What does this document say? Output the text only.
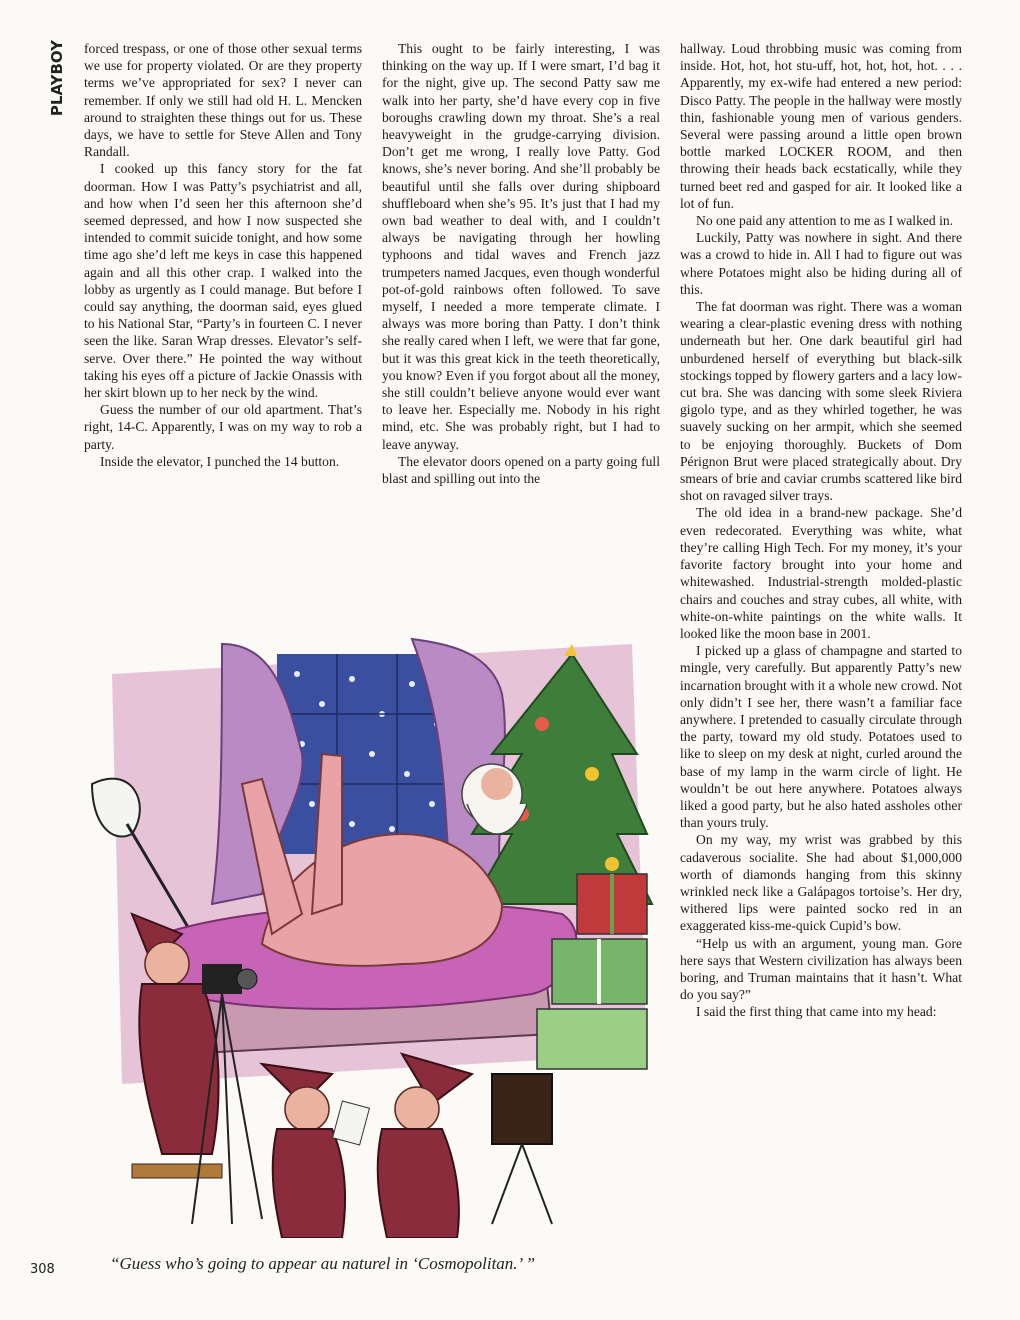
PLAYBOY forced trespass, or one of those other sexual terms we use for property violated. Or are they property terms we’ve appropriated for sex? I never can remember. If only we still had old H. L. Mencken around to straighten these things out for us. These days, we have to settle for Steve Allen and Tony Randall.

I cooked up this fancy story for the fat doorman. How I was Patty’s psychiatrist and all, and how when I’d seen her this afternoon she’d seemed depressed, and how I now suspected she intended to commit suicide tonight, and how some time ago she’d left me keys in case this happened again and all this other crap. I walked into the lobby as urgently as I could manage. But before I could say anything, the doorman said, eyes glued to his National Star, “Party’s in fourteen C. I never seen the like. Saran Wrap dresses. Elevator’s self-serve. Over there.” He pointed the way without taking his eyes off a picture of Jackie Onassis with her skirt blown up to her neck by the wind.

Guess the number of our old apartment. That’s right, 14-C. Apparently, I was on my way to rob a party.

Inside the elevator, I punched the 14 button.

This ought to be fairly interesting, I was thinking on the way up. If I were smart, I’d bag it for the night, give up. The second Patty saw me walk into her party, she’d have every cop in five boroughs crawling down my throat. She’s a real heavyweight in the grudge-carrying division. Don’t get me wrong, I really love Patty. God knows, she’s never boring. And she’ll probably be beautiful until she falls over during shipboard shuffleboard when she’s 95. It’s just that I had my own bad weather to deal with, and I couldn’t always be navigating through her howling typhoons and tidal waves and French jazz trumpeters named Jacques, even though wonderful pot-of-gold rainbows often followed. To save myself, I needed a more temperate climate. I always was more boring than Patty. I don’t think she really cared when I left, we were that far gone, but it was this great kick in the teeth theoretically, you know? Even if you forgot about all the money, she still couldn’t believe anyone would ever want to leave her. Especially me. Nobody in his right mind, etc. She was probably right, but I had to leave anyway.

The elevator doors opened on a party going full blast and spilling out into the

hallway. Loud throbbing music was coming from inside. Hot, hot, hot stu-uff, hot, hot, hot, hot. . . . Apparently, my ex-wife had entered a new period: Disco Patty. The people in the hallway were mostly thin, fashionable young men of various genders. Several were passing around a little open brown bottle marked LOCKER ROOM, and then throwing their heads back ecstatically, while they turned beet red and gasped for air. It looked like a lot of fun.

No one paid any attention to me as I walked in.

Luckily, Patty was nowhere in sight. And there was a crowd to hide in. All I had to figure out was where Potatoes might also be hiding during all of this.

The fat doorman was right. There was a woman wearing a clear-plastic evening dress with nothing underneath but her. One dark beautiful girl had unburdened herself of everything but black-silk stockings topped by flowery garters and a lacy low-cut bra. She was dancing with some sleek Riviera gigolo type, and as they whirled together, he was suavely sucking on her armpit, which she seemed to be enjoying thoroughly. Buckets of Dom Pérignon Brut were placed strategically about. Dry smears of brie and caviar crumbs scattered like bird shot on ravaged silver trays.

The old idea in a brand-new package. She’d even redecorated. Everything was white, what they’re calling High Tech. For my money, it’s your favorite factory brought into your home and whitewashed. Industrial-strength molded-plastic chairs and couches and stray cubes, all white, with white-on-white paintings on the white walls. It looked like the moon base in 2001.

I picked up a glass of champagne and started to mingle, very carefully. But apparently Patty’s new incarnation brought with it a whole new crowd. Not only didn’t I see her, there wasn’t a familiar face anywhere. I pretended to casually circulate through the party, toward my old study. Potatoes used to like to sleep on my desk at night, curled around the base of my lamp in the warm circle of light. He wouldn’t be out here anywhere. Potatoes always liked a good party, but he also hated assholes other than yours truly.

On my way, my wrist was grabbed by this cadaverous socialite. She had about $1,000,000 worth of diamonds hanging from this skinny wrinkled neck like a Galápagos tortoise’s. Her dry, withered lips were painted socko red in an exaggerated kiss-me-quick Cupid’s bow.

“Help us with an argument, young man. Gore here says that Western civilization has always been boring, and Truman maintains that it hasn’t. What do you say?”

I said the first thing that came into my head:

“Guess who’s going to appear au naturel in ‘Cosmopolitan.’ ”
308
